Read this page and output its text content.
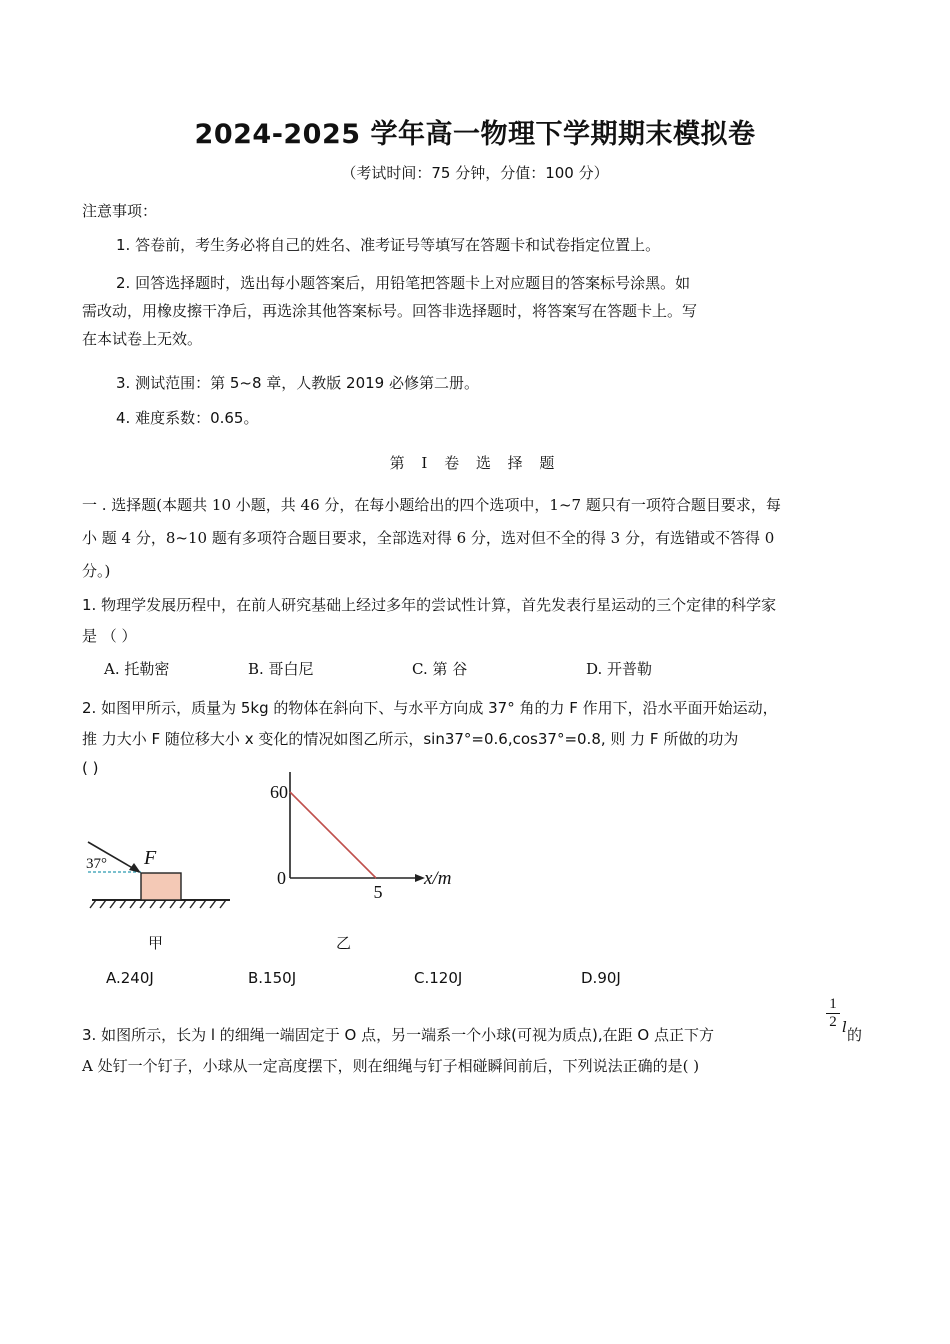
2024-2025 学年高一物理下学期期末模拟卷
（考试时间：75 分钟，分值：100 分）
注意事项：
1. 答卷前，考生务必将自己的姓名、准考证号等填写在答题卡和试卷指定位置上。
2. 回答选择题时，选出每小题答案后，用铅笔把答题卡上对应题目的答案标号涂黑。如
需改动，用橡皮擦干净后，再选涂其他答案标号。回答非选择题时，将答案写在答题卡上。写
在本试卷上无效。
3. 测试范围：第 5~8 章，人教版 2019 必修第二册。
4. 难度系数：0.65。
第 I 卷 选 择 题
一 . 选择题(本题共 10 小题，共 46 分，在每小题给出的四个选项中，1~7 题只有一项符合题目要求，每
小 题 4 分，8~10 题有多项符合题目要求，全部选对得 6 分，选对但不全的得 3 分，有选错或不答得 0
分。)
1. 物理学发展历程中，在前人研究基础上经过多年的尝试性计算，首先发表行星运动的三个定律的科学家
是 （ ）
A. 托勒密	B. 哥白尼	C. 第 谷	D. 开普勒
2. 如图甲所示，质量为 5kg 的物体在斜向下、与水平方向成 37° 角的力 F 作用下，沿水平面开始运动，
推 力大小 F 随位移大小 x 变化的情况如图乙所示，sin37°=0.6,cos37°=0.8, 则 力 F 所做的功为
( )
37° F
甲
60
0
5
x/m
乙
A.240J	B.150J	C.120J	D.90J
3. 如图所示，长为 l 的细绳一端固定于 O 点，另一端系一个小球(可视为质点),在距 O 点正下方
$\frac{1}{2}$ l 的
A 处钉一个钉子，小球从一定高度摆下，则在细绳与钉子相碰瞬间前后，下列说法正确的是( )
